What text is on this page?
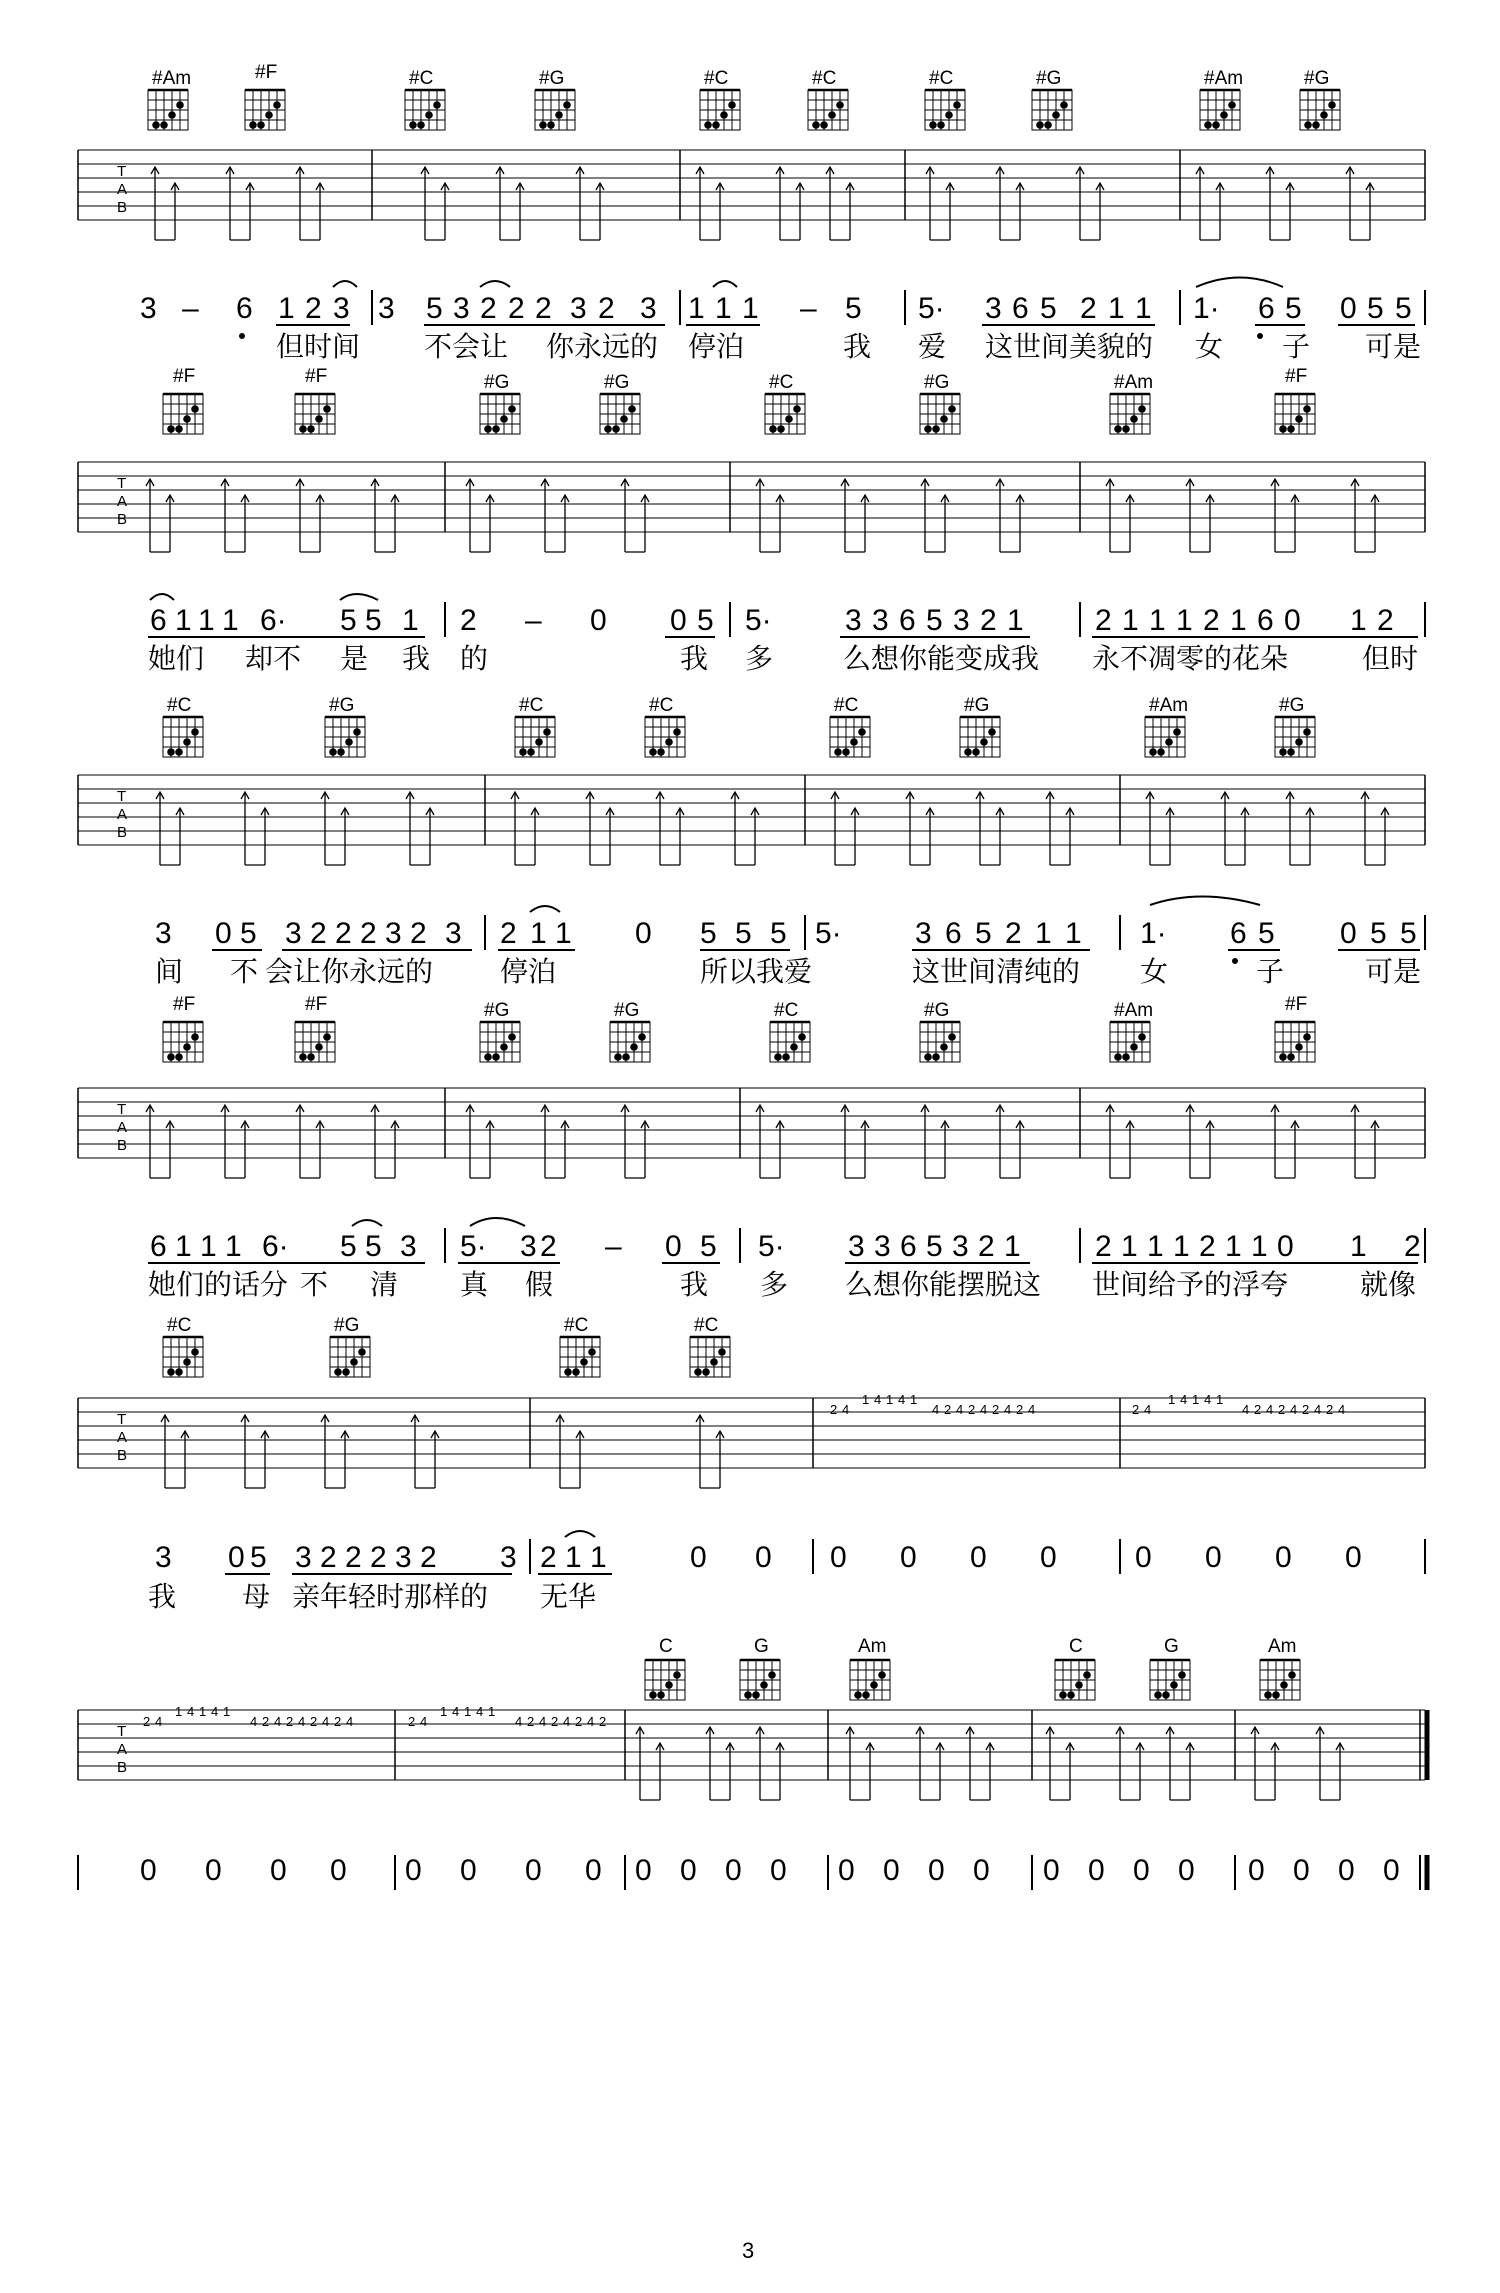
#Am	#F	#C	#G	#C	#C	#C	#G	#Am	#G
T
A
B
3 – 6 1 2 3 3 5 3 2 2 2 3 2 3 1 1 1 – 5 5· 3 6 5 2 1 1 1· 6 5 0 5 5
但时间 不会让 你永远的 停泊	我 爱 这世间美貌的 女 子 可是
#F	#F	#G	#G	#C	#G	#Am	#F
T
A
B
6 1 1 1 6· 5 5 1 2 – 0 0 5 5· 3 3 6 5 3 2 1 2 1 1 1 2 1 6 0 1 2
她们 却不 是 我 的	我 多 么想你能变成我 永不凋零的花朵	但时
#C	#G	#C	#C	#C	#G	#Am	#G
T
A
B
3 0 5 3 2 2 2 3 2 3 2 1 1 0 5 5 5 5· 3 6 5 2 1 1 1· 6 5 0 5 5
间 不 会让你永远的 停泊	所以我爱	这世间清纯的 女	子	可是
#F	#F	#G	#G	#C	#G	#Am	#F
T
A
B
6 1 1 1 6· 5 5 3 5· 3 2 – 0 5 5· 3 3 6 5 3 2 1 2 1 1 1 2 1 1 0 1 2
她们的话分 不 清 真 假	我 多 么想你能摆脱这 世间给予的浮夸	就像
#C	#G	#C	#C
T
A
B
2 4
1 4 1 4 1
4 2 4 2 4 2 4 2 4	2 4
1 4 1 4 1
4 2 4 2 4 2 4 2 4
3 0 5 3 2 2 2 3 2 3 2 1 1	0 0 0 0 0 0	0 0 0 0
我 母 亲年轻时那样的 无华
C	G	Am	C	G	Am
T
A
B
2 4
1 4 1 4 1
4 2 4 2 4 2 4 2 4	2 4
1 4 1 4 1
4 2 4 2 4 2 4 2
0 0 0 0 0 0 0 0 0 0 0 0 0 0 0 0 0 0 0 0 0 0 0 0
3
